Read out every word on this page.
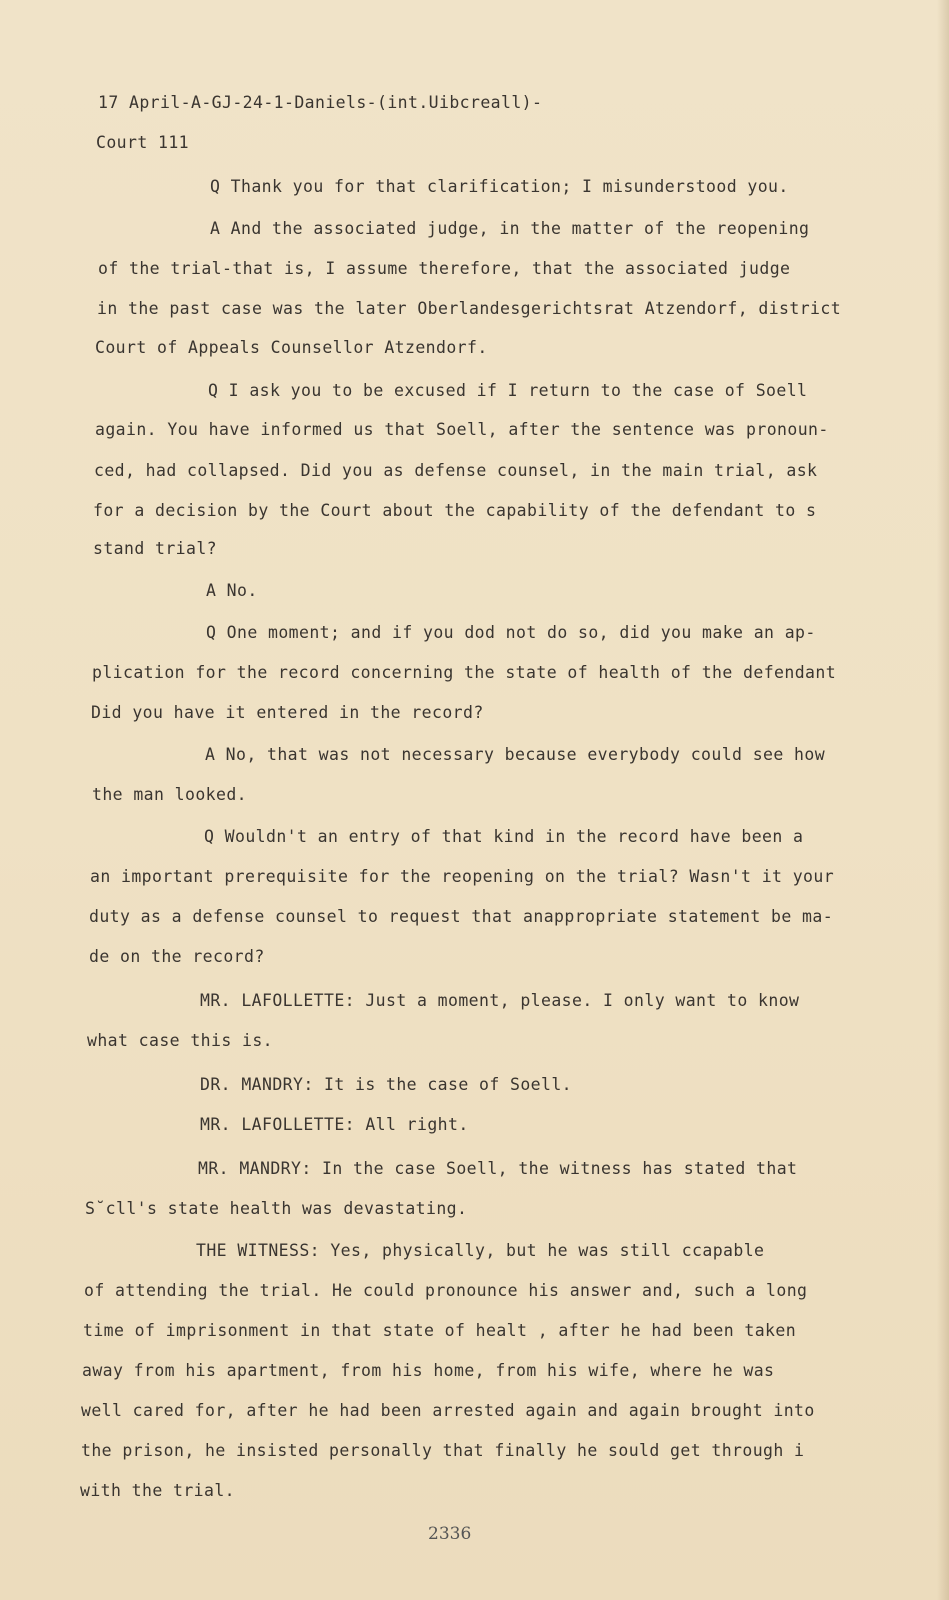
17 April-A-GJ-24-1-Daniels-(int.Uibcreall)-
Court 111
Q Thank you for that clarification; I misunderstood you.
A And the associated judge, in the matter of the reopening
of the trial-that is, I assume therefore, that the associated judge
in the past case was the later Oberlandesgerichtsrat Atzendorf, district
Court of Appeals Counsellor Atzendorf.
Q I ask you to be excused if I return to the case of Soell
again. You have informed us that Soell, after the sentence was pronoun-
ced, had collapsed. Did you as defense counsel, in the main trial, ask
for a decision by the Court about the capability of the defendant to s
stand trial?
A No.
Q One moment; and if you dod not do so, did you make an ap-
plication for the record concerning the state of health of the defendant
Did you have it entered in the record?
A No, that was not necessary because everybody could see how
the man looked.
Q Wouldn't an entry of that kind in the record have been a
an important prerequisite for the reopening on the trial? Wasn't it your
duty as a defense counsel to request that anappropriate statement be ma-
de on the record?
MR. LAFOLLETTE: Just a moment, please. I only want to know
what case this is.
DR. MANDRY: It is the case of Soell.
MR. LAFOLLETTE: All right.
MR. MANDRY: In the case Soell, the witness has stated that
S˘cll's state health was devastating.
THE WITNESS: Yes, physically, but he was still ccapable
of attending the trial. He could pronounce his answer and, such a long
time of imprisonment in that state of healt , after he had been taken
away from his apartment, from his home, from his wife, where he was
well cared for, after he had been arrested again and again brought into
the prison, he insisted personally that finally he sould get through i
with the trial.
2336
